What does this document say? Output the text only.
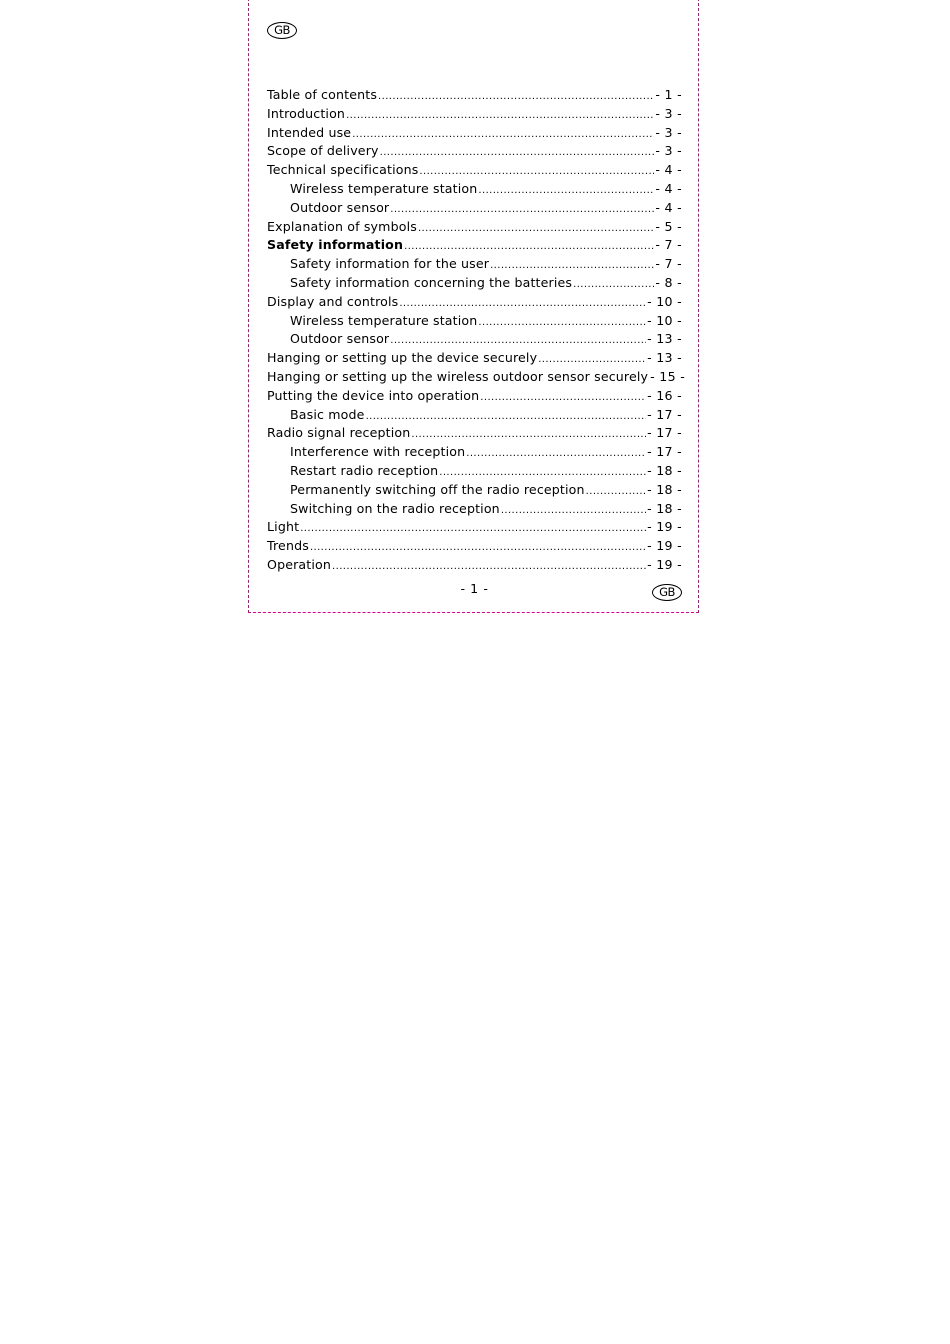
GB
Table of contents .....	- 1 -
Introduction .....	- 3 -
Intended use .....	- 3 -
Scope of delivery .....	- 3 -
Technical specifications .....	- 4 -
Wireless temperature station .....	- 4 -
Outdoor sensor .....	- 4 -
Explanation of symbols .....	- 5 -
Safety information .....	- 7 -
Safety information for the user .....	- 7 -
Safety information concerning the batteries .....	- 8 -
Display and controls .....	- 10 -
Wireless temperature station .....	- 10 -
Outdoor sensor .....	- 13 -
Hanging or setting up the device securely .....	- 13 -
Hanging or setting up the wireless outdoor sensor securely - 15 -
Putting the device into operation .....	- 16 -
Basic mode .....	- 17 -
Radio signal reception .....	- 17 -
Interference with reception .....	- 17 -
Restart radio reception .....	- 18 -
Permanently switching off the radio reception .....	- 18 -
Switching on the radio reception .....	- 18 -
Light .....	- 19 -
Trends .....	- 19 -
Operation .....	- 19 -
- 1 -	GB
